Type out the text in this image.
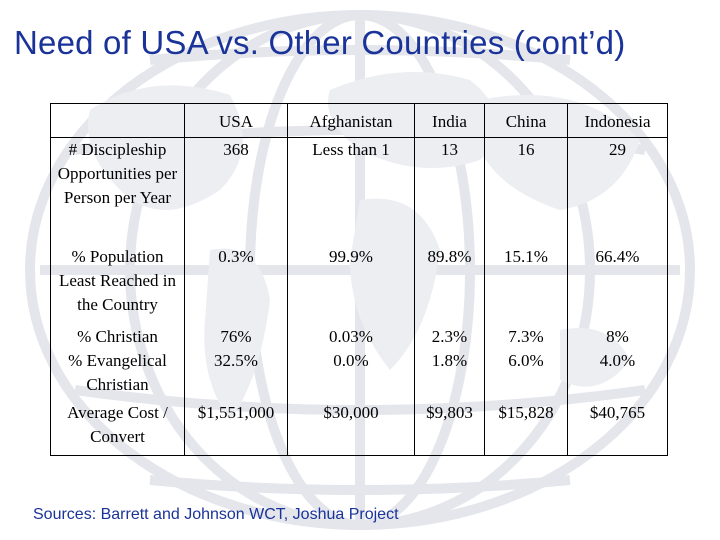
Need of USA vs. Other Countries (cont’d)
	USA	Afghanistan	India	China	Indonesia
# Discipleship Opportunities per Person per Year	368	Less than 1	13	16	29
% Population Least Reached in the Country	0.3%	99.9%	89.8%	15.1%	66.4%
% Christian	76%	0.03%	2.3%	7.3%	8%
% Evangelical Christian	32.5%	0.0%	1.8%	6.0%	4.0%
Average Cost / Convert	$1,551,000	$30,000	$9,803	$15,828	$40,765
Sources: Barrett and Johnson WCT, Joshua Project
